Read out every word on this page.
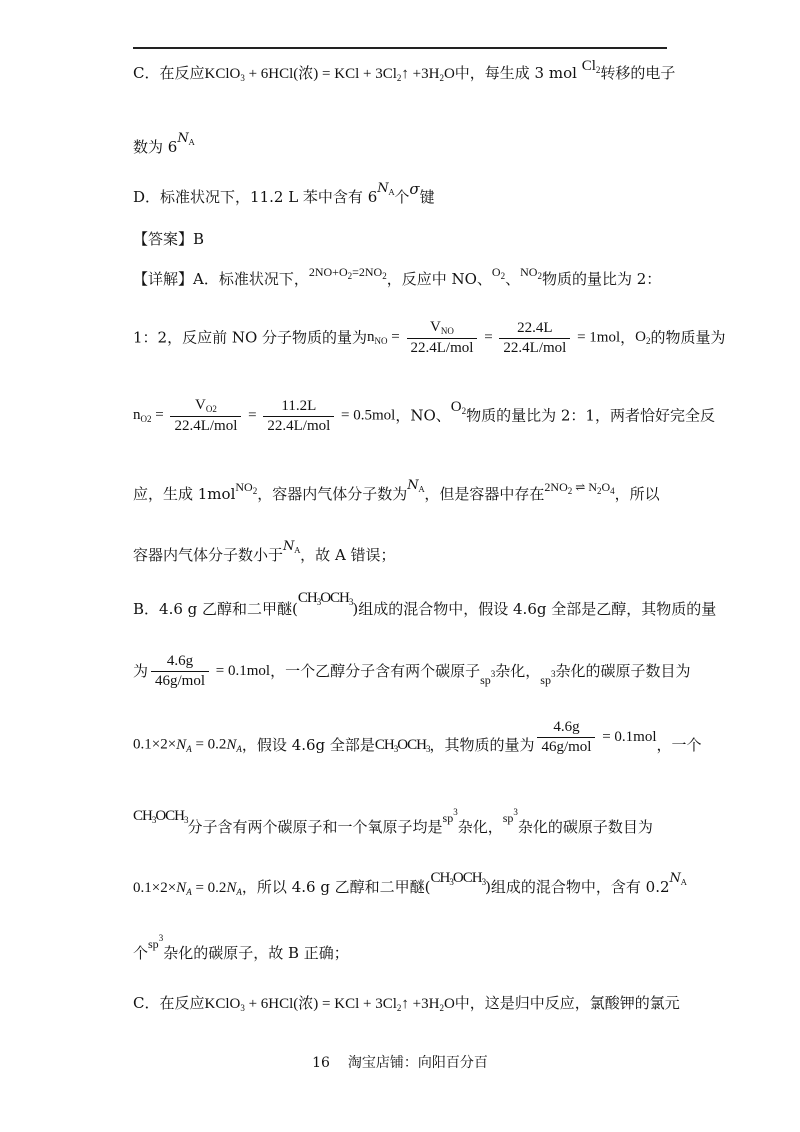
C．在反应KClO$_3$ + 6HCl(浓) = KCl + $3Cl_2↑ +3H_2O$中，每生成 3 mol $Cl_2$转移的电子
数为 $6N_A$
D．标准状况下，11.2 L 苯中含有 $6N_A$个σ键
【答案】B
【详解】A．标准状况下，$^{2NO+O_2=2NO_2}$，反应中 NO、$^{O_2}$、$^{NO_2}$物质的量比为 2：
1：2，反应前 NO 分子物质的量为$n_{NO} = \frac{V_{NO}}{\text{22.4L/mol}} = \frac{22.4L}{\text{22.4L/mol}} = 1mol$，$O_2$的物质量为
$n_{O2} = \frac{V_{O2}}{\text{22.4L/mol}} = \frac{11.2L}{\text{22.4L/mol}} = 0.5mol$，NO、$O_2$物质的量比为 2：1，两者恰好完全反
应，生成 1mol$^{NO_2}$，容器内气体分子数为$N_A$，但是容器中存在$^{2NO_2 \rightleftharpoons N_2O_4}$，所以
容器内气体分子数小于$N_A$，故 A 错误；
B．4.6 g 乙醇和二甲醚$(CH_3OCH_3)$组成的混合物中，假设 4.6g 全部是乙醇，其物质的量
为 $\frac{4.6g}{\text{46g/mol}} = 0.1mol$，一个乙醇分子含有两个碳原子$_{sp^3}$杂化，$_{sp^3}$杂化的碳原子数目为
$0.1\times 2\times N_A = 0.2N_A$，假设 4.6g 全部是$CH_3OCH_3$，其物质的量为 $\frac{4.6g}{\text{46g/mol}} = 0.1mol$，一个
$CH_3OCH_3$分子含有两个碳原子和一个氧原子均是$^{sp^3}$杂化，$^{sp^3}$杂化的碳原子数目为
$0.1\times 2\times N_A = 0.2N_A$，所以 4.6 g 乙醇和二甲醚$(CH_3OCH_3)$组成的混合物中，含有 $0.2N_A$
个$^{sp^3}$杂化的碳原子，故 B 正确；
C．在反应KClO$_3$ + 6HCl(浓) = KCl + $3Cl_2↑ +3H_2O$中，这是归中反应，氯酸钾的氯元
16 淘宝店铺：向阳百分百
